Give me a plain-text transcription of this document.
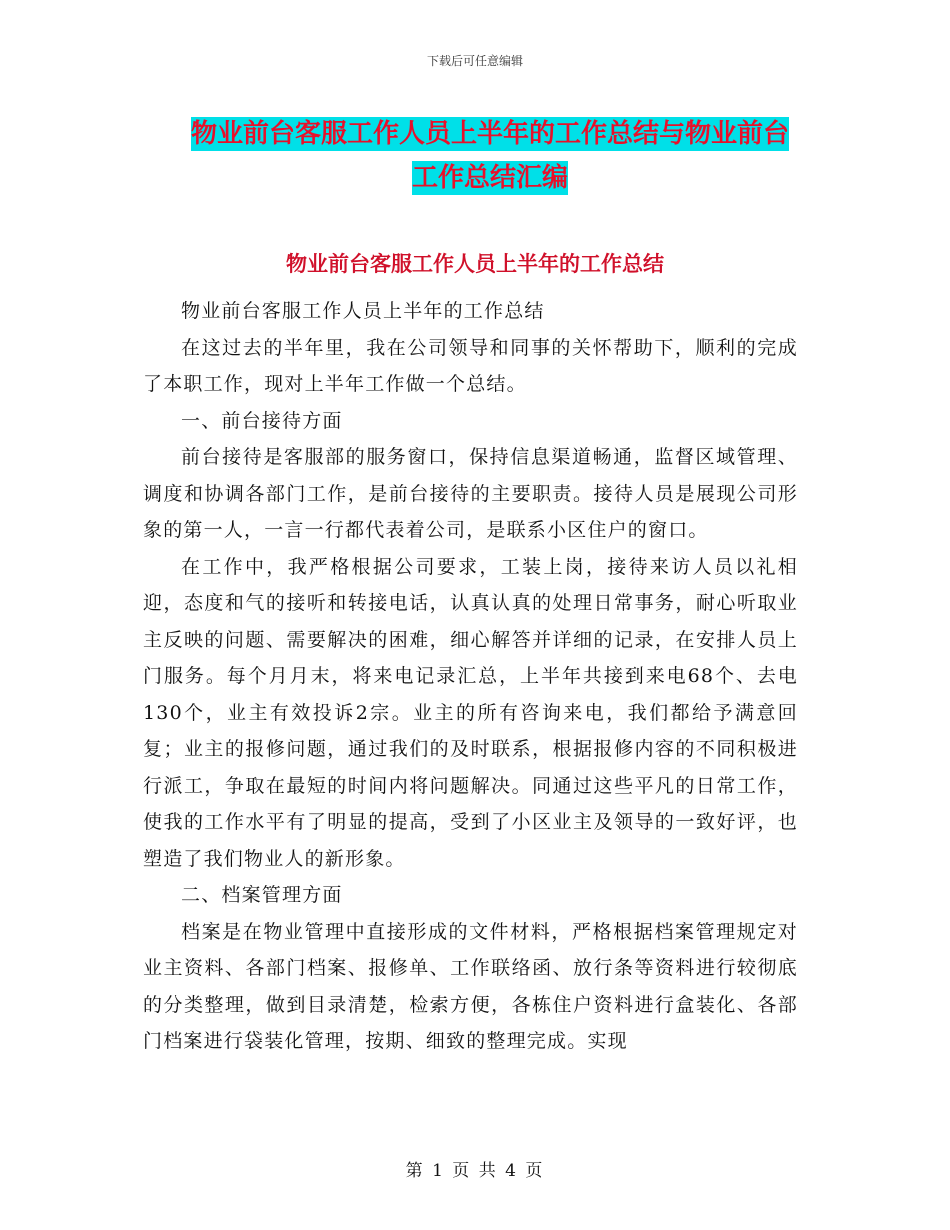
下载后可任意编辑
物业前台客服工作人员上半年的工作总结与物业前台
工作总结汇编
物业前台客服工作人员上半年的工作总结

物业前台客服工作人员上半年的工作总结

在这过去的半年里，我在公司领导和同事的关怀帮助下，顺利的完成了本职工作，现对上半年工作做一个总结。

一、前台接待方面

前台接待是客服部的服务窗口，保持信息渠道畅通，监督区域管理、调度和协调各部门工作，是前台接待的主要职责。接待人员是展现公司形象的第一人，一言一行都代表着公司，是联系小区住户的窗口。

在工作中，我严格根据公司要求，工装上岗，接待来访人员以礼相迎，态度和气的接听和转接电话，认真认真的处理日常事务，耐心听取业主反映的问题、需要解决的困难，细心解答并详细的记录，在安排人员上门服务。每个月月末，将来电记录汇总，上半年共接到来电68个、去电130个，业主有效投诉2宗。业主的所有咨询来电，我们都给予满意回复；业主的报修问题，通过我们的及时联系，根据报修内容的不同积极进行派工，争取在最短的时间内将问题解决。同通过这些平凡的日常工作，使我的工作水平有了明显的提高，受到了小区业主及领导的一致好评，也塑造了我们物业人的新形象。

二、档案管理方面

档案是在物业管理中直接形成的文件材料，严格根据档案管理规定对业主资料、各部门档案、报修单、工作联络函、放行条等资料进行较彻底的分类整理，做到目录清楚，检索方便，各栋住户资料进行盒装化、各部门档案进行袋装化管理，按期、细致的整理完成。实现

第 1 页 共 4 页
